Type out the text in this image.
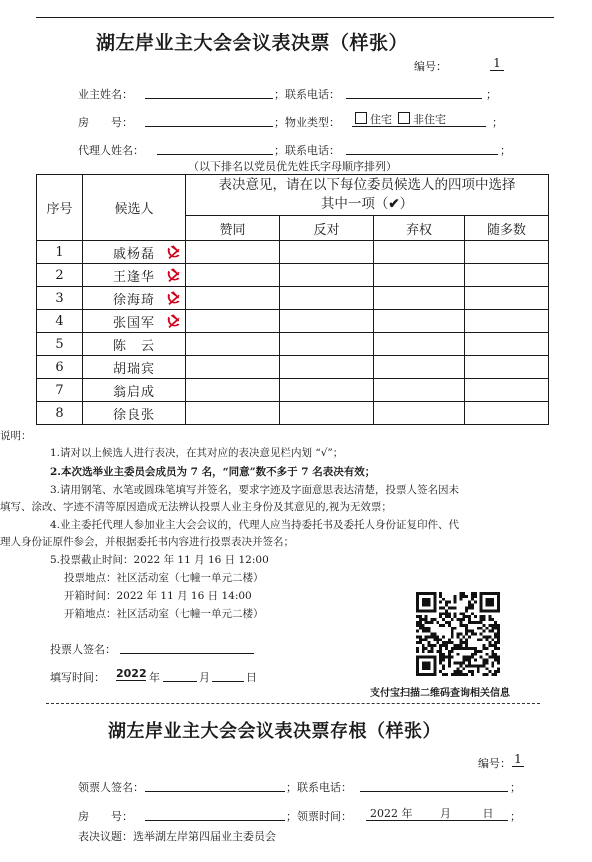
湖左岸业主大会会议表决票（样张）
编号：	1
业主姓名：	；联系电话：	；
房　　号：	；物业类型：	住宅 非住宅	；
代理人姓名：	；联系电话：	；
（以下排名以党员优先姓氏字母顺序排列）
序号	候选人	表决意见，请在以下每位委员候选人的四项中选择
其中一项（✔）			
		赞同	反对	弃权	随多数
1	戚杨磊

2	王逢华

3	徐海琦

4	张国军

5	陈　云				
6	胡瑞宾				
7	翁启成				
8	徐良张				
说明：
1.请对以上候选人进行表决，在其对应的表决意见栏内划 “√”；
2.本次选举业主委员会成员为 7 名，“同意”数不多于 7 名表决有效；
3.请用钢笔、水笔或圆珠笔填写并签名，要求字迹及字面意思表达清楚，投票人签名因未
填写、涂改、字迹不清等原因造成无法辨认投票人业主身份及其意见的,视为无效票；
4.业主委托代理人参加业主大会会议的，代理人应当持委托书及委托人身份证复印件、代
理人身份证原件参会，并根据委托书内容进行投票表决并签名；
5.投票截止时间：2022 年 11 月 16 日 12:00
投票地点：社区活动室（七幢一单元二楼）
开箱时间：2022 年 11 月 16 日 14:00
开箱地点：社区活动室（七幢一单元二楼）
投票人签名：
填写时间： 2022 年	月	日
支付宝扫描二维码查询相关信息
湖左岸业主大会会议表决票存根（样张）
编号： 1
领票人签名：	；联系电话：	；
房　　号：	；领票时间：	2022 年	月	日	；
表决议题：选举湖左岸第四届业主委员会
